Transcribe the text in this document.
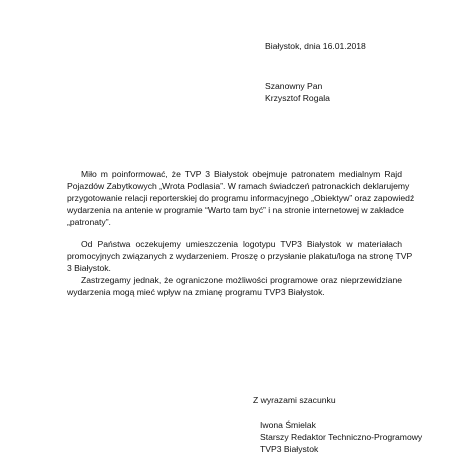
Białystok, dnia 16.01.2018
Szanowny Pan
Krzysztof Rogala
Miło m poinformować, że TVP 3 Białystok obejmuje patronatem medialnym Rajd
Pojazdów Zabytkowych „Wrota Podlasia”. W ramach świadczeń patronackich deklarujemy
przygotowanie relacji reporterskiej do programu informacyjnego „Obiektyw” oraz zapowiedź
wydarzenia na antenie w programie “Warto tam być” i na stronie internetowej w zakładce
„patronaty”.
Od Państwa oczekujemy umieszczenia logotypu TVP3 Białystok w materiałach
promocyjnych związanych z wydarzeniem. Proszę o przysłanie plakatu/loga na stronę TVP
3 Białystok.
Zastrzegamy jednak, że ograniczone możliwości programowe oraz nieprzewidziane
wydarzenia mogą mieć wpływ na zmianę programu TVP3 Białystok.
Z wyrazami szacunku
Iwona Śmielak
Starszy Redaktor Techniczno-Programowy
TVP3 Białystok
